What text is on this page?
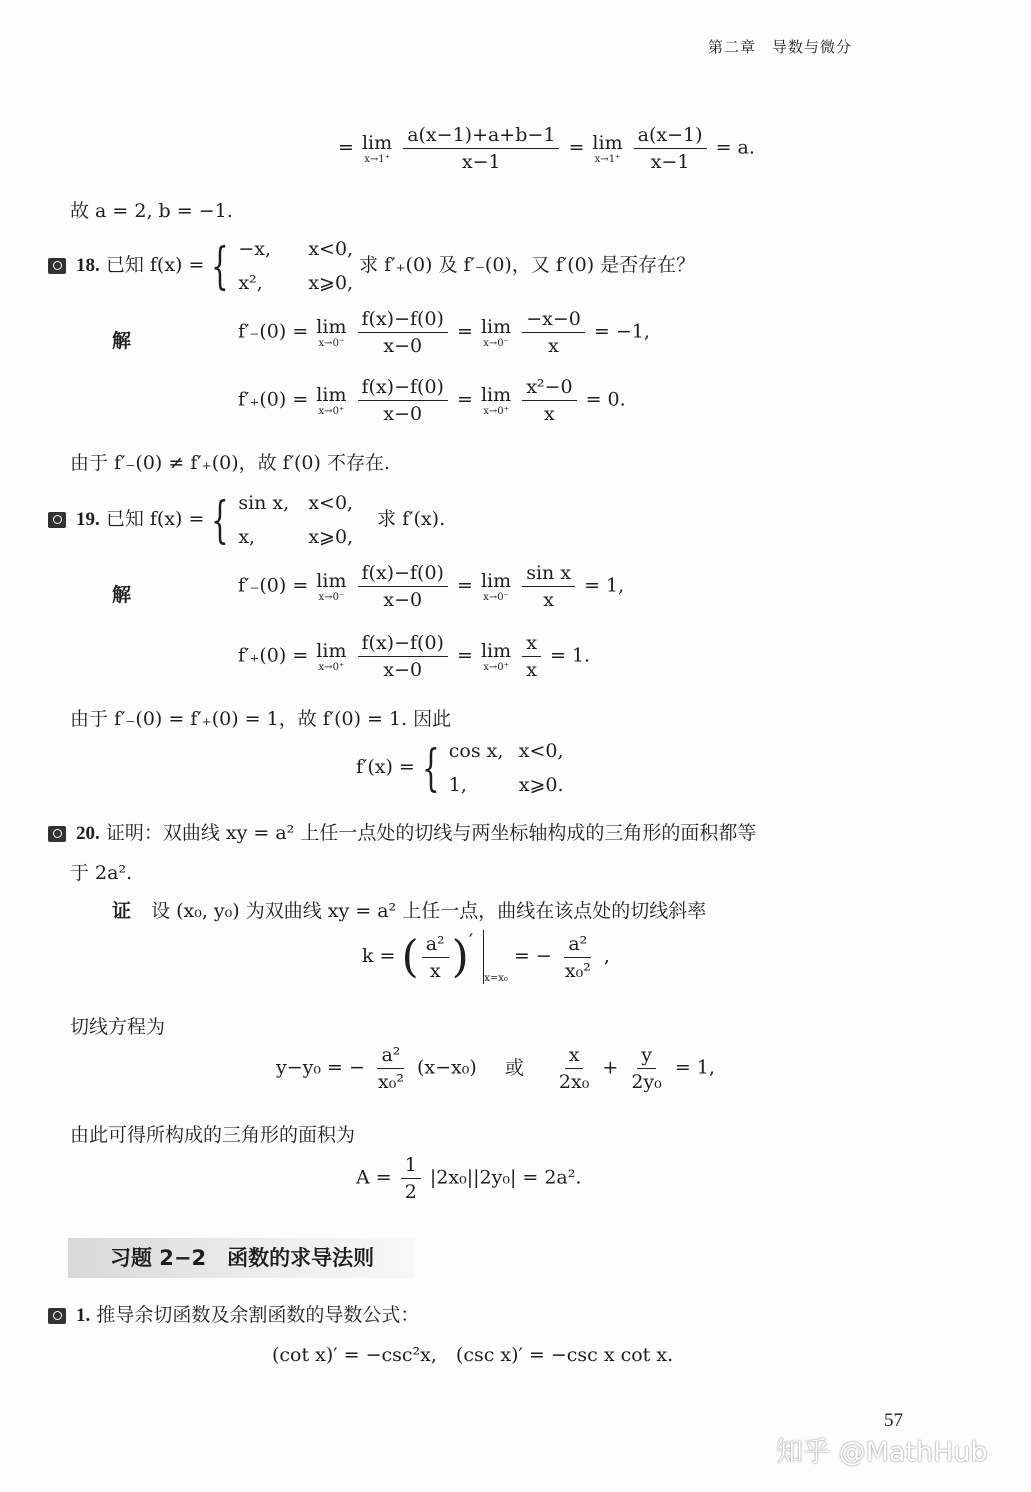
第二章　导数与微分
= lim
x→1⁺
$\frac{a(x-1)+a+b-1}{x-1} = \lim$
x→1⁺
$\frac{a(x-1)}{x-1} = a$.
故 a = 2, b = −1.
18. 已知 f(x) = { −x,	x<0,
x²,	x⩾0,
求 f′₊(0) 及 f′₋(0)，又 f′(0) 是否存在？
解	f′₋(0) = lim
x→0⁻
$\frac{f(x)-f(0)}{x-0} = \lim$
x→0⁻
$\frac{-x-0}{x} = -1$,
f′₊(0) = lim
x→0⁺
$\frac{f(x)-f(0)}{x-0} = \lim$
x→0⁺
$\frac{\text{x²−0}}{x} = 0$.
由于 f′₋(0) ≠ f′₊(0)，故 f′(0) 不存在.
19. 已知 f(x) = { sin x,	x<0,
x,	x⩾0,
求 f′(x).
解	f′₋(0) = lim
x→0⁻
$\frac{f(x)-f(0)}{x-0} = \lim$
x→0⁻
$\frac{\text{sin x}}{x} = 1$,
f′₊(0) = lim
x→0⁺
$\frac{f(x)-f(0)}{x-0} = \lim$
x→0⁺
$\frac{x}{x} = 1$.
由于 f′₋(0) = f′₊(0) = 1，故 f′(0) = 1. 因此
f′(x) = { cos x, x<0,
1,	x⩾0.
20. 证明：双曲线 xy = a² 上任一点处的切线与两坐标轴构成的三角形的面积都等
于 2a².
证 设 (x₀, y₀) 为双曲线 xy = a² 上任一点，曲线在该点处的切线斜率
k = ( $\frac{\text{a²}}{x}$ )′ x=x₀ = − $\frac{\text{a²}}{\text{x₀²}}$ ,
切线方程为
y−y₀ = − $\frac{\text{a²}}{\text{x₀²}} (x-x_0)$ 或 $\frac{x}{\text{2x₀}} + \frac{y}{\text{2y₀}} = 1$,
由此可得所构成的三角形的面积为
$A = \frac{1}{2} |2x_0||2y_0| = 2a^2$.
习题 2−2　函数的求导法则
1. 推导余切函数及余割函数的导数公式：
(cot x)′ = −csc²x,　(csc x)′ = −csc x cot x.
57
知乎 @MathHub
